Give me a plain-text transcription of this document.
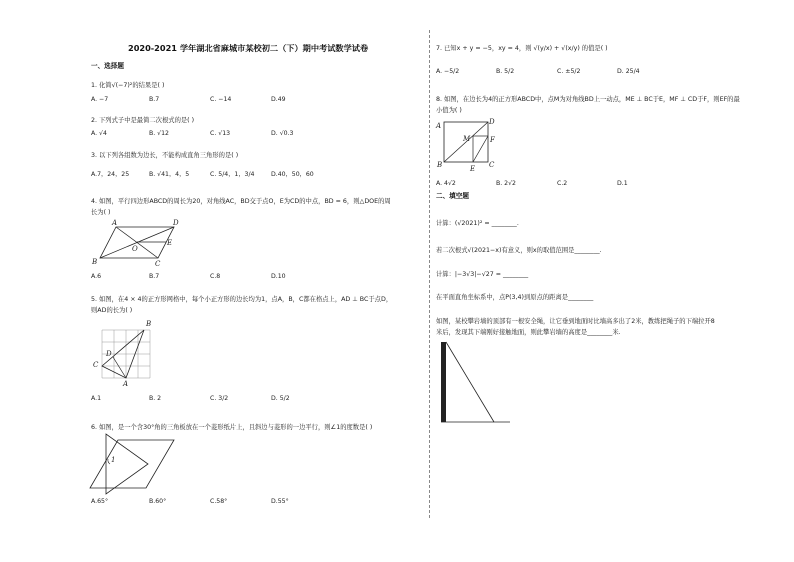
2020-2021 学年湖北省麻城市某校初二（下）期中考试数学试卷
一、选择题
1. 化简√(−7)²的结果是( )
A. −7	B.7	C. −14	D.49
2. 下列式子中是最简二次根式的是( )
A. √4	B. √12	C. √13	D. √0.3
3. 以下列各组数为边长，不能构成直角三角形的是( )
A.7，24，25	B. √41，4，5	C. 5/4，1，3/4	D.40，50，60
4. 如图，平行四边形ABCD的周长为20，对角线AC，BD交于点O，E为CD的中点，BD = 6，则△DOE的周
长为( )
A	D
B	C
O
E
A.6	B.7	C.8	D.10
5. 如图，在4 × 4的正方形网格中，每个小正方形的边长均为1，点A，B，C都在格点上，AD ⊥ BC于点D，
则AD的长为( )
B
D
C
A
A.1	B. 2	C. 3/2	D. 5/2
6. 如图，是一个含30°角的三角板放在一个菱形纸片上，且斜边与菱形的一边平行，则∠1的度数是( )
1
A.65°	B.60°	C.58°	D.55°
7. 已知x + y = −5，xy = 4，则 √(y/x) + √(x/y) 的值是( )
A. −5/2	B. 5/2	C. ±5/2	D. 25/4
8. 如图，在边长为4的正方形ABCD中，点M为对角线BD上一动点，ME ⊥ BC于E，MF ⊥ CD于F，则EF的最
小值为( )
A	D
M	F
B	E C
A. 4√2	B. 2√2	C.2	D.1
二、填空题
计算：(√2021)² = ________.
若二次根式√(2021−x)有意义，则x的取值范围是________.
计算：|−3√3|−√27 = ________
在平面直角坐标系中，点P(3,4)到原点的距离是________
如图，某校攀岩墙的顶部有一根安全绳，让它垂到地面时比墙高多出了2米，教练把绳子的下端拉开8
米后，发现其下端刚好接触地面，则此攀岩墙的高度是________米.
